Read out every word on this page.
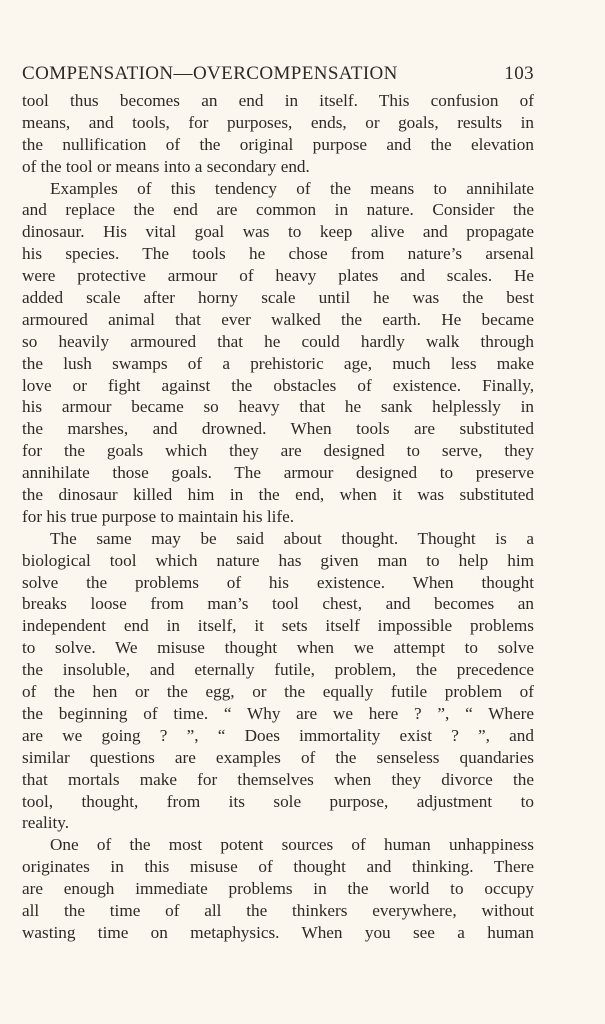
COMPENSATION—OVERCOMPENSATION	103
tool thus becomes an end in itself. This confusion of
means, and tools, for purposes, ends, or goals, results in
the nullification of the original purpose and the elevation
of the tool or means into a secondary end.
Examples of this tendency of the means to annihilate
and replace the end are common in nature. Consider the
dinosaur. His vital goal was to keep alive and propagate
his species. The tools he chose from nature’s arsenal
were protective armour of heavy plates and scales. He
added scale after horny scale until he was the best
armoured animal that ever walked the earth. He became
so heavily armoured that he could hardly walk through
the lush swamps of a prehistoric age, much less make
love or fight against the obstacles of existence. Finally,
his armour became so heavy that he sank helplessly in
the marshes, and drowned. When tools are substituted
for the goals which they are designed to serve, they
annihilate those goals. The armour designed to preserve
the dinosaur killed him in the end, when it was substituted
for his true purpose to maintain his life.
The same may be said about thought. Thought is a
biological tool which nature has given man to help him
solve the problems of his existence. When thought
breaks loose from man’s tool chest, and becomes an
independent end in itself, it sets itself impossible problems
to solve. We misuse thought when we attempt to solve
the insoluble, and eternally futile, problem, the precedence
of the hen or the egg, or the equally futile problem of
the beginning of time. “ Why are we here ? ”, “ Where
are we going ? ”, “ Does immortality exist ? ”, and
similar questions are examples of the senseless quandaries
that mortals make for themselves when they divorce the
tool, thought, from its sole purpose, adjustment to
reality.
One of the most potent sources of human unhappiness
originates in this misuse of thought and thinking. There
are enough immediate problems in the world to occupy
all the time of all the thinkers everywhere, without
wasting time on metaphysics. When you see a human
